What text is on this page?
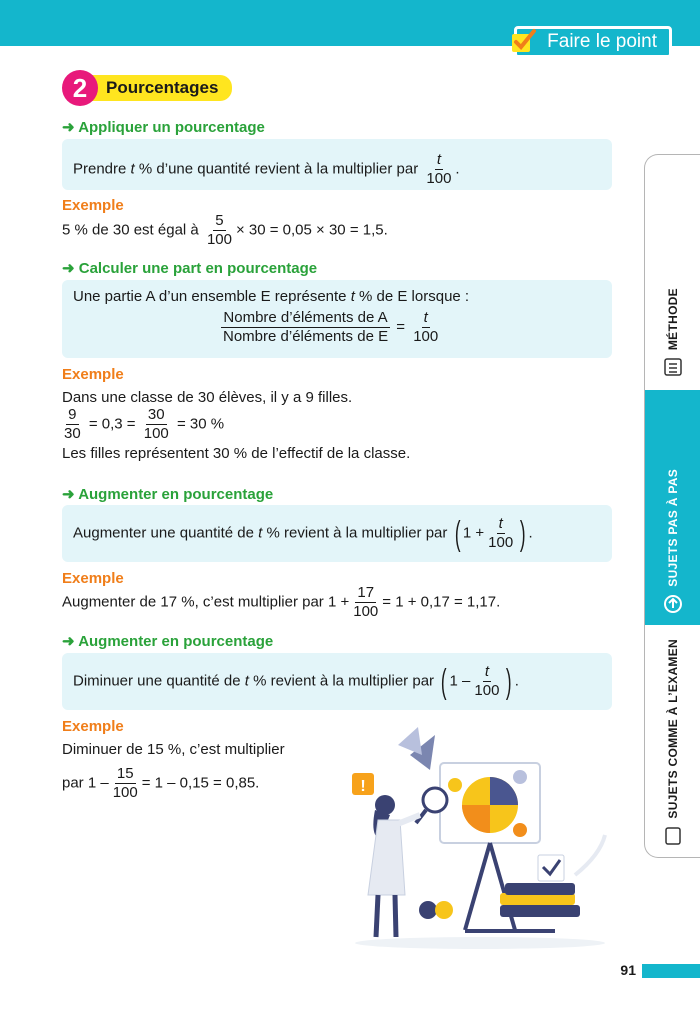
Faire le point
2	Pourcentages
➜ Appliquer un pourcentage
Prendre t % d’une quantité revient à la multiplier par $\frac{t}{100}$ .
Exemple
5 % de 30 est égal à $\frac{5}{100} \times 30 = 0,05 \times 30 = 1,5$.
➜ Calculer une part en pourcentage
Une partie A d’un ensemble E représente t % de E lorsque :
$\frac{\text{Nombre d’éléments de A}}{\text{Nombre d’éléments de E}} = \frac{t}{100}$
Exemple
Dans une classe de 30 élèves, il y a 9 filles.
$\frac{9}{30} = 0,3 = \frac{30}{100} = 30$ %
Les filles représentent 30 % de l’effectif de la classe.
➜ Augmenter en pourcentage
Augmenter une quantité de t % revient à la multiplier par ( $1 + \frac{t}{100}$ ) .
Exemple
Augmenter de 17 %, c’est multiplier par $1 + \frac{17}{100} = 1 + 0,17 = 1,17$.
➜ Augmenter en pourcentage
Diminuer une quantité de t % revient à la multiplier par ( $1 - \frac{t}{100}$ ) .
Exemple
Diminuer de 15 %, c’est multiplier
par $1 - \frac{15}{100} = 1 - 0,15 = 0,85$.	!
MÉTHODE
SUJETS PAS À PAS
SUJETS COMME À L’EXAMEN
91
